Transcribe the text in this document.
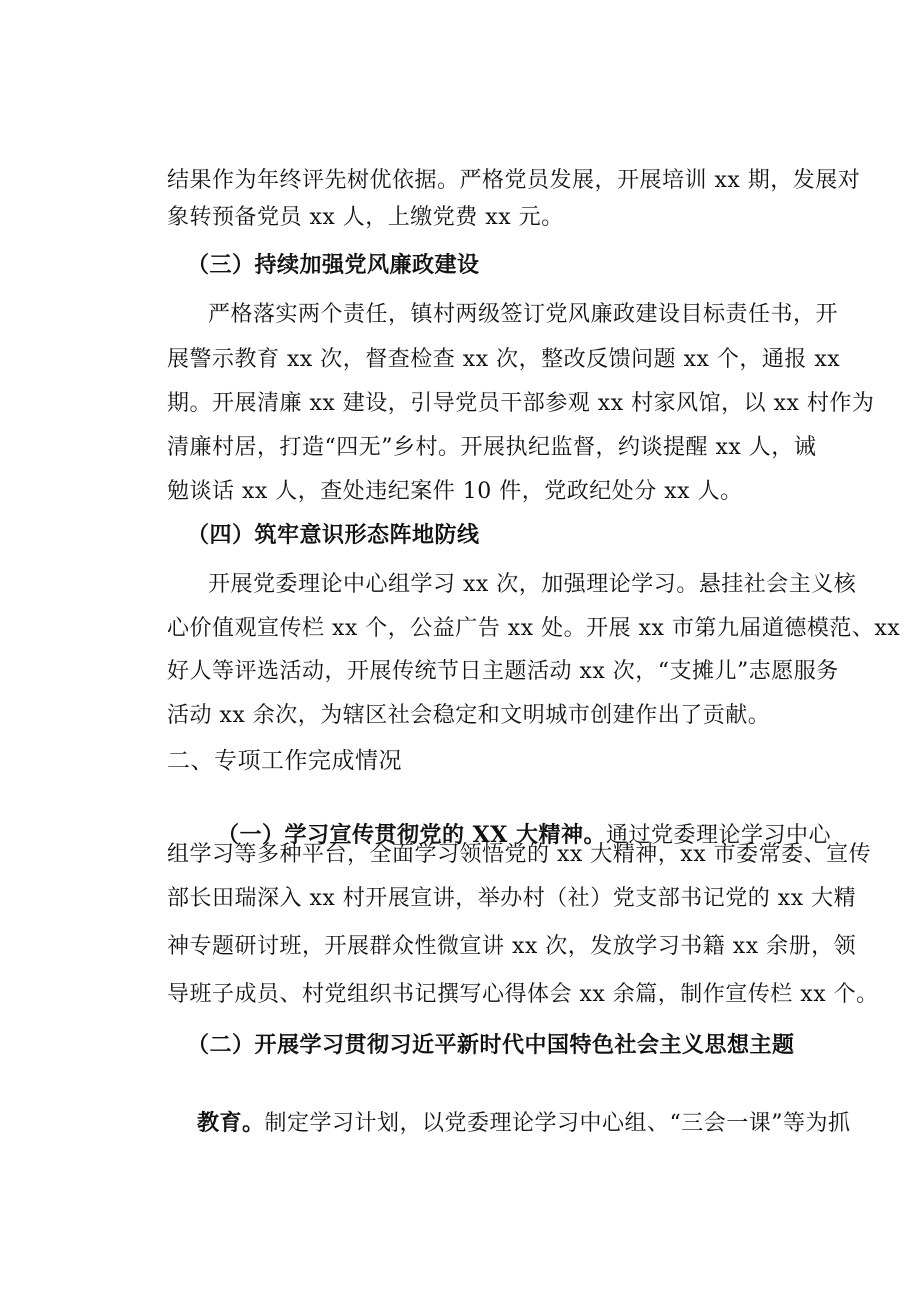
结果作为年终评先树优依据。严格党员发展，开展培训 xx 期，发展对
象转预备党员 xx 人，上缴党费 xx 元。
（三）持续加强党风廉政建设
严格落实两个责任，镇村两级签订党风廉政建设目标责任书，开
展警示教育 xx 次，督查检查 xx 次，整改反馈问题 xx 个，通报 xx
期。开展清廉 xx 建设，引导党员干部参观 xx 村家风馆，以 xx 村作为
清廉村居，打造“四无”乡村。开展执纪监督，约谈提醒 xx 人，诫
勉谈话 xx 人，查处违纪案件 10 件，党政纪处分 xx 人。
（四）筑牢意识形态阵地防线
开展党委理论中心组学习 xx 次，加强理论学习。悬挂社会主义核
心价值观宣传栏 xx 个，公益广告 xx 处。开展 xx 市第九届道德模范、xx
好人等评选活动，开展传统节日主题活动 xx 次，“支摊儿”志愿服务
活动 xx 余次，为辖区社会稳定和文明城市创建作出了贡献。
二、专项工作完成情况

（一）学习宣传贯彻党的 XX 大精神。通过党委理论学习中心

组学习等多种平台，全面学习领悟党的 xx 大精神，xx 市委常委、宣传
部长田瑞深入 xx 村开展宣讲，举办村（社）党支部书记党的 xx 大精
神专题研讨班，开展群众性微宣讲 xx 次，发放学习书籍 xx 余册，领
导班子成员、村党组织书记撰写心得体会 xx 余篇，制作宣传栏 xx 个。
（二）开展学习贯彻习近平新时代中国特色社会主义思想主题

教育。制定学习计划，以党委理论学习中心组、“三会一课”等为抓
